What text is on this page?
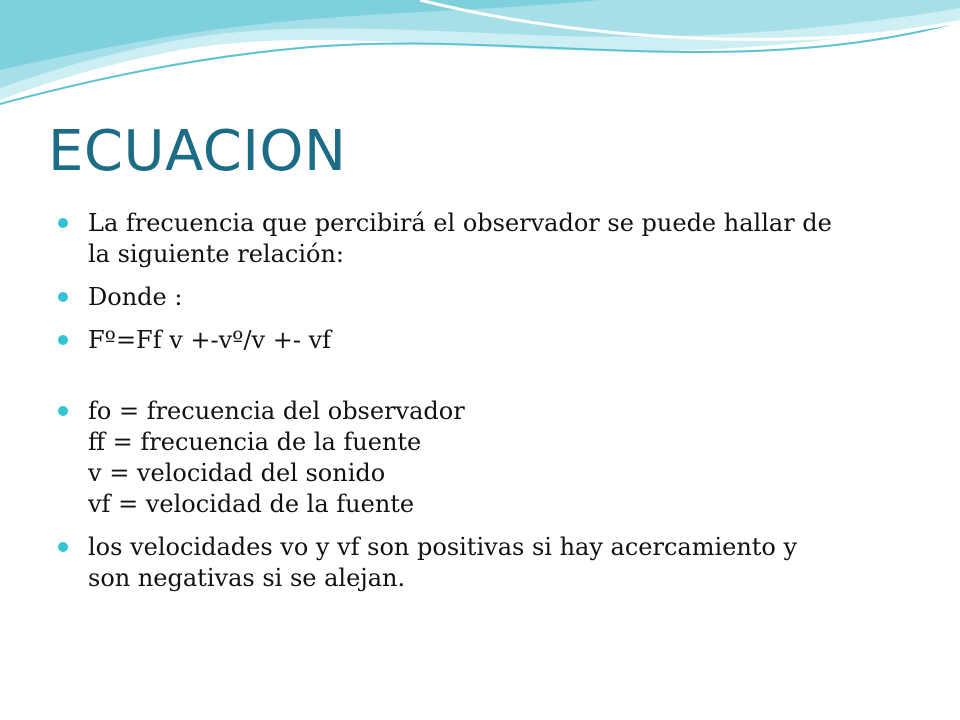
ECUACION
La frecuencia que percibirá el observador se puede hallar de
la siguiente relación:
Donde :
Fº=Ff v +-vº/v +- vf
fo = frecuencia del observador
ff = frecuencia de la fuente
v = velocidad del sonido
vf = velocidad de la fuente
los velocidades vo y vf son positivas si hay acercamiento y
son negativas si se alejan.
